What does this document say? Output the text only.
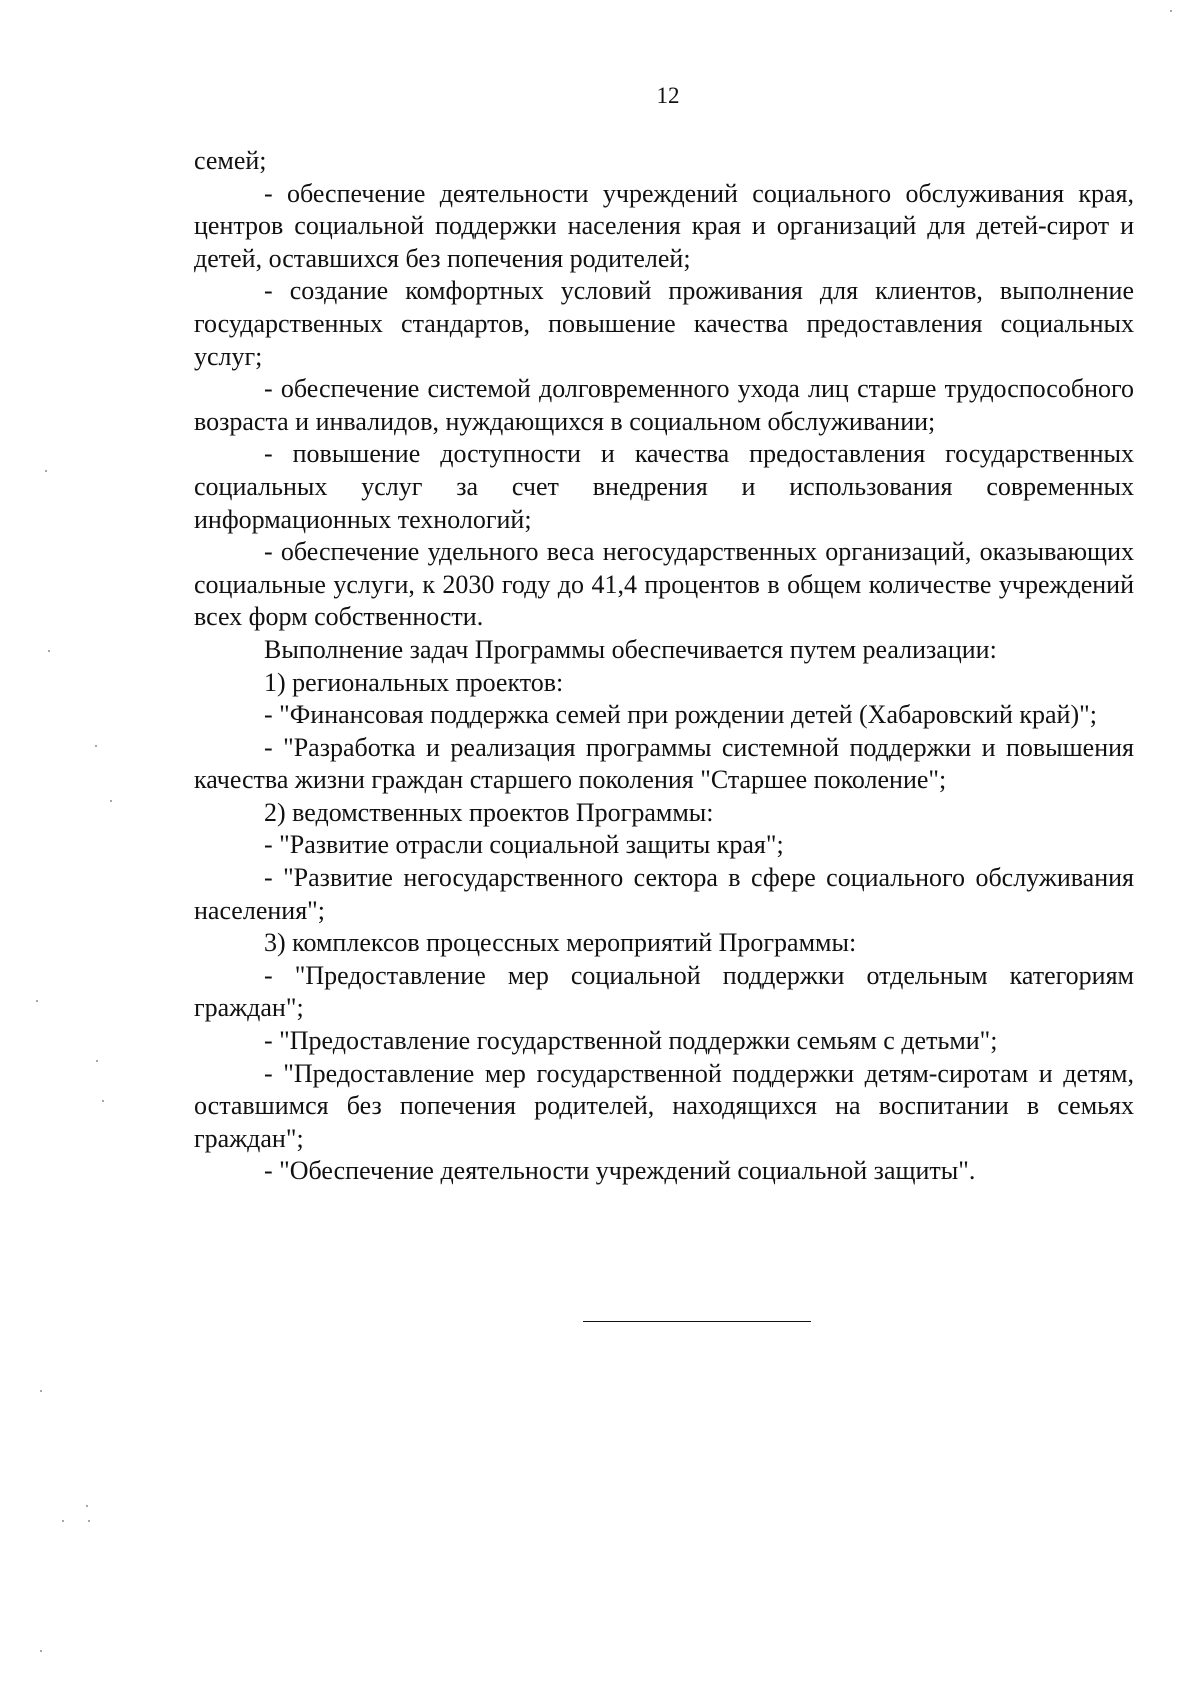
12

семей;

- обеспечение деятельности учреждений социального обслуживания края, центров социальной поддержки населения края и организаций для детей-сирот и детей, оставшихся без попечения родителей;

- создание комфортных условий проживания для клиентов, выполнение государственных стандартов, повышение качества предоставления социальных услуг;

- обеспечение системой долговременного ухода лиц старше трудоспособного возраста и инвалидов, нуждающихся в социальном обслуживании;

- повышение доступности и качества предоставления государственных социальных услуг за счет внедрения и использования современных информационных технологий;

- обеспечение удельного веса негосударственных организаций, оказывающих социальные услуги, к 2030 году до 41,4 процентов в общем количестве учреждений всех форм собственности.

Выполнение задач Программы обеспечивается путем реализации:

1) региональных проектов:

- "Финансовая поддержка семей при рождении детей (Хабаровский край)";

- "Разработка и реализация программы системной поддержки и повышения качества жизни граждан старшего поколения "Старшее поколение";

2) ведомственных проектов Программы:

- "Развитие отрасли социальной защиты края";

- "Развитие негосударственного сектора в сфере социального обслуживания населения";

3) комплексов процессных мероприятий Программы:

- "Предоставление мер социальной поддержки отдельным категориям граждан";

- "Предоставление государственной поддержки семьям с детьми";

- "Предоставление мер государственной поддержки детям-сиротам и детям, оставшимся без попечения родителей, находящихся на воспитании в семьях граждан";

- "Обеспечение деятельности учреждений социальной защиты".
